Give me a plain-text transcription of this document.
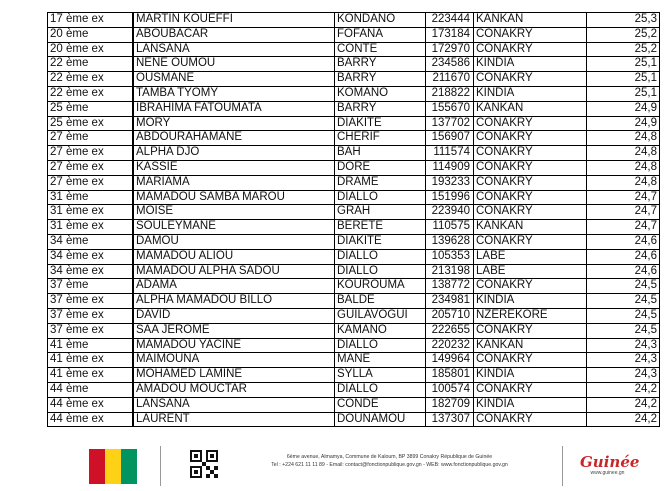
17 ème ex	MARTIN KOUEFFI	KONDANO	223444	KANKAN	25,3
20 ème	ABOUBACAR	FOFANA	173184	CONAKRY	25,2
20 ème ex	LANSANA	CONTE	172970	CONAKRY	25,2
22 ème	NENE OUMOU	BARRY	234586	KINDIA	25,1
22 ème ex	OUSMANE	BARRY	211670	CONAKRY	25,1
22 ème ex	TAMBA TYOMY	KOMANO	218822	KINDIA	25,1
25 ème	IBRAHIMA FATOUMATA	BARRY	155670	KANKAN	24,9
25 ème ex	MORY	DIAKITE	137702	CONAKRY	24,9
27 ème	ABDOURAHAMANE	CHERIF	156907	CONAKRY	24,8
27 ème ex	ALPHA DJO	BAH	111574	CONAKRY	24,8
27 ème ex	KASSIE	DORE	114909	CONAKRY	24,8
27 ème ex	MARIAMA	DRAME	193233	CONAKRY	24,8
31 ème	MAMADOU SAMBA MAROU	DIALLO	151996	CONAKRY	24,7
31 ème ex	MOISE	GRAH	223940	CONAKRY	24,7
31 ème ex	SOULEYMANE	BERETE	110575	KANKAN	24,7
34 ème	DAMOU	DIAKITE	139628	CONAKRY	24,6
34 ème ex	MAMADOU ALIOU	DIALLO	105353	LABE	24,6
34 ème ex	MAMADOU ALPHA SADOU	DIALLO	213198	LABE	24,6
37 ème	ADAMA	KOUROUMA	138772	CONAKRY	24,5
37 ème ex	ALPHA MAMADOU BILLO	BALDE	234981	KINDIA	24,5
37 ème ex	DAVID	GUILAVOGUI	205710	NZEREKORE	24,5
37 ème ex	SAA JEROME	KAMANO	222655	CONAKRY	24,5
41 ème	MAMADOU YACINE	DIALLO	220232	KANKAN	24,3
41 ème ex	MAIMOUNA	MANE	149964	CONAKRY	24,3
41 ème ex	MOHAMED LAMINE	SYLLA	185801	KINDIA	24,3
44 ème	AMADOU MOUCTAR	DIALLO	100574	CONAKRY	24,2
44 ème ex	LANSANA	CONDE	182709	KINDIA	24,2
44 ème ex	LAURENT	DOUNAMOU	137307	CONAKRY	24,2
6ème avenue, Almamya, Commune de Kaloum, BP 3899 Conakry République de Guinée
Tel : +224 621 11 11 89 - Email: contact@fonctionpublique.gov.gn - WEB: www.fonctionpublique.gov.gn	Guinée
www.guinee.gn
